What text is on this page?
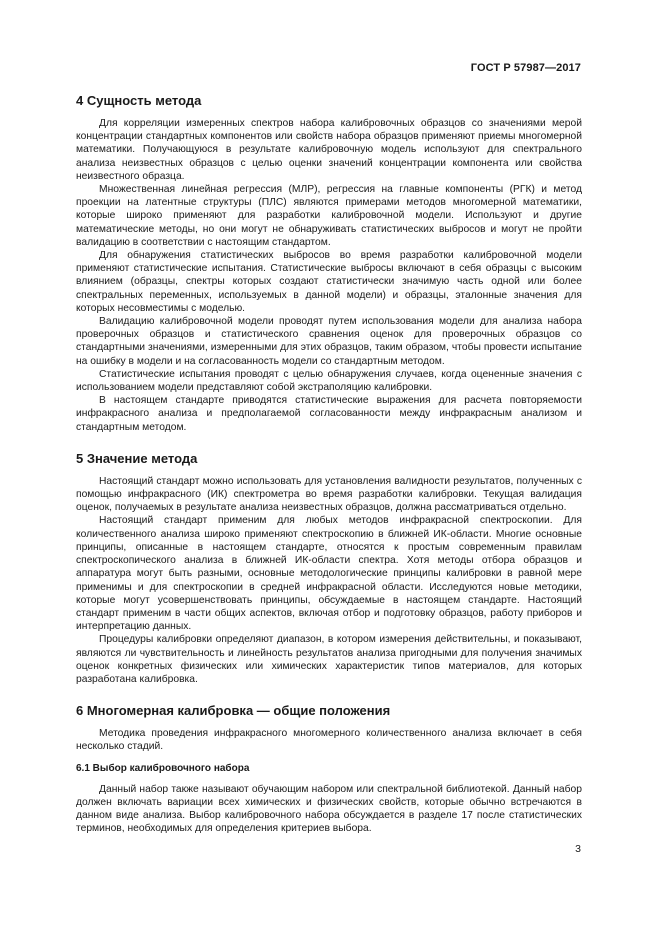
ГОСТ Р 57987—2017
4 Сущность метода

Для корреляции измеренных спектров набора калибровочных образцов со значениями мерой концентрации стандартных компонентов или свойств набора образцов применяют приемы многомерной математики. Получающуюся в результате калибровочную модель используют для спектрального анализа неизвестных образцов с целью оценки значений концентрации компонента или свойства неизвестного образца.

Множественная линейная регрессия (МЛР), регрессия на главные компоненты (РГК) и метод проекции на латентные структуры (ПЛС) являются примерами методов многомерной математики, которые широко применяют для разработки калибровочной модели. Используют и другие математические методы, но они могут не обнаруживать статистических выбросов и могут не пройти валидацию в соответствии с настоящим стандартом.

Для обнаружения статистических выбросов во время разработки калибровочной модели применяют статистические испытания. Статистические выбросы включают в себя образцы с высоким влиянием (образцы, спектры которых создают статистически значимую часть одной или более спектральных переменных, используемых в данной модели) и образцы, эталонные значения для которых несовместимы с моделью.

Валидацию калибровочной модели проводят путем использования модели для анализа набора проверочных образцов и статистического сравнения оценок для проверочных образцов со стандартными значениями, измеренными для этих образцов, таким образом, чтобы провести испытание на ошибку в модели и на согласованность модели со стандартным методом.

Статистические испытания проводят с целью обнаружения случаев, когда оцененные значения с использованием модели представляют собой экстраполяцию калибровки.

В настоящем стандарте приводятся статистические выражения для расчета повторяемости инфракрасного анализа и предполагаемой согласованности между инфракрасным анализом и стандартным методом.

5 Значение метода

Настоящий стандарт можно использовать для установления валидности результатов, полученных с помощью инфракрасного (ИК) спектрометра во время разработки калибровки. Текущая валидация оценок, получаемых в результате анализа неизвестных образцов, должна рассматриваться отдельно.

Настоящий стандарт применим для любых методов инфракрасной спектроскопии. Для количественного анализа широко применяют спектроскопию в ближней ИК-области. Многие основные принципы, описанные в настоящем стандарте, относятся к простым современным правилам спектроскопического анализа в ближней ИК-области спектра. Хотя методы отбора образцов и аппаратура могут быть разными, основные методологические принципы калибровки в равной мере применимы и для спектроскопии в средней инфракрасной области. Исследуются новые методики, которые могут усовершенствовать принципы, обсуждаемые в настоящем стандарте. Настоящий стандарт применим в части общих аспектов, включая отбор и подготовку образцов, работу приборов и интерпретацию данных.

Процедуры калибровки определяют диапазон, в котором измерения действительны, и показывают, являются ли чувствительность и линейность результатов анализа пригодными для получения значимых оценок конкретных физических или химических характеристик типов материалов, для которых разработана калибровка.

6 Многомерная калибровка — общие положения

Методика проведения инфракрасного многомерного количественного анализа включает в себя несколько стадий.

6.1 Выбор калибровочного набора

Данный набор также называют обучающим набором или спектральной библиотекой. Данный набор должен включать вариации всех химических и физических свойств, которые обычно встречаются в данном виде анализа. Выбор калибровочного набора обсуждается в разделе 17 после статистических терминов, необходимых для определения критериев выбора.

3
